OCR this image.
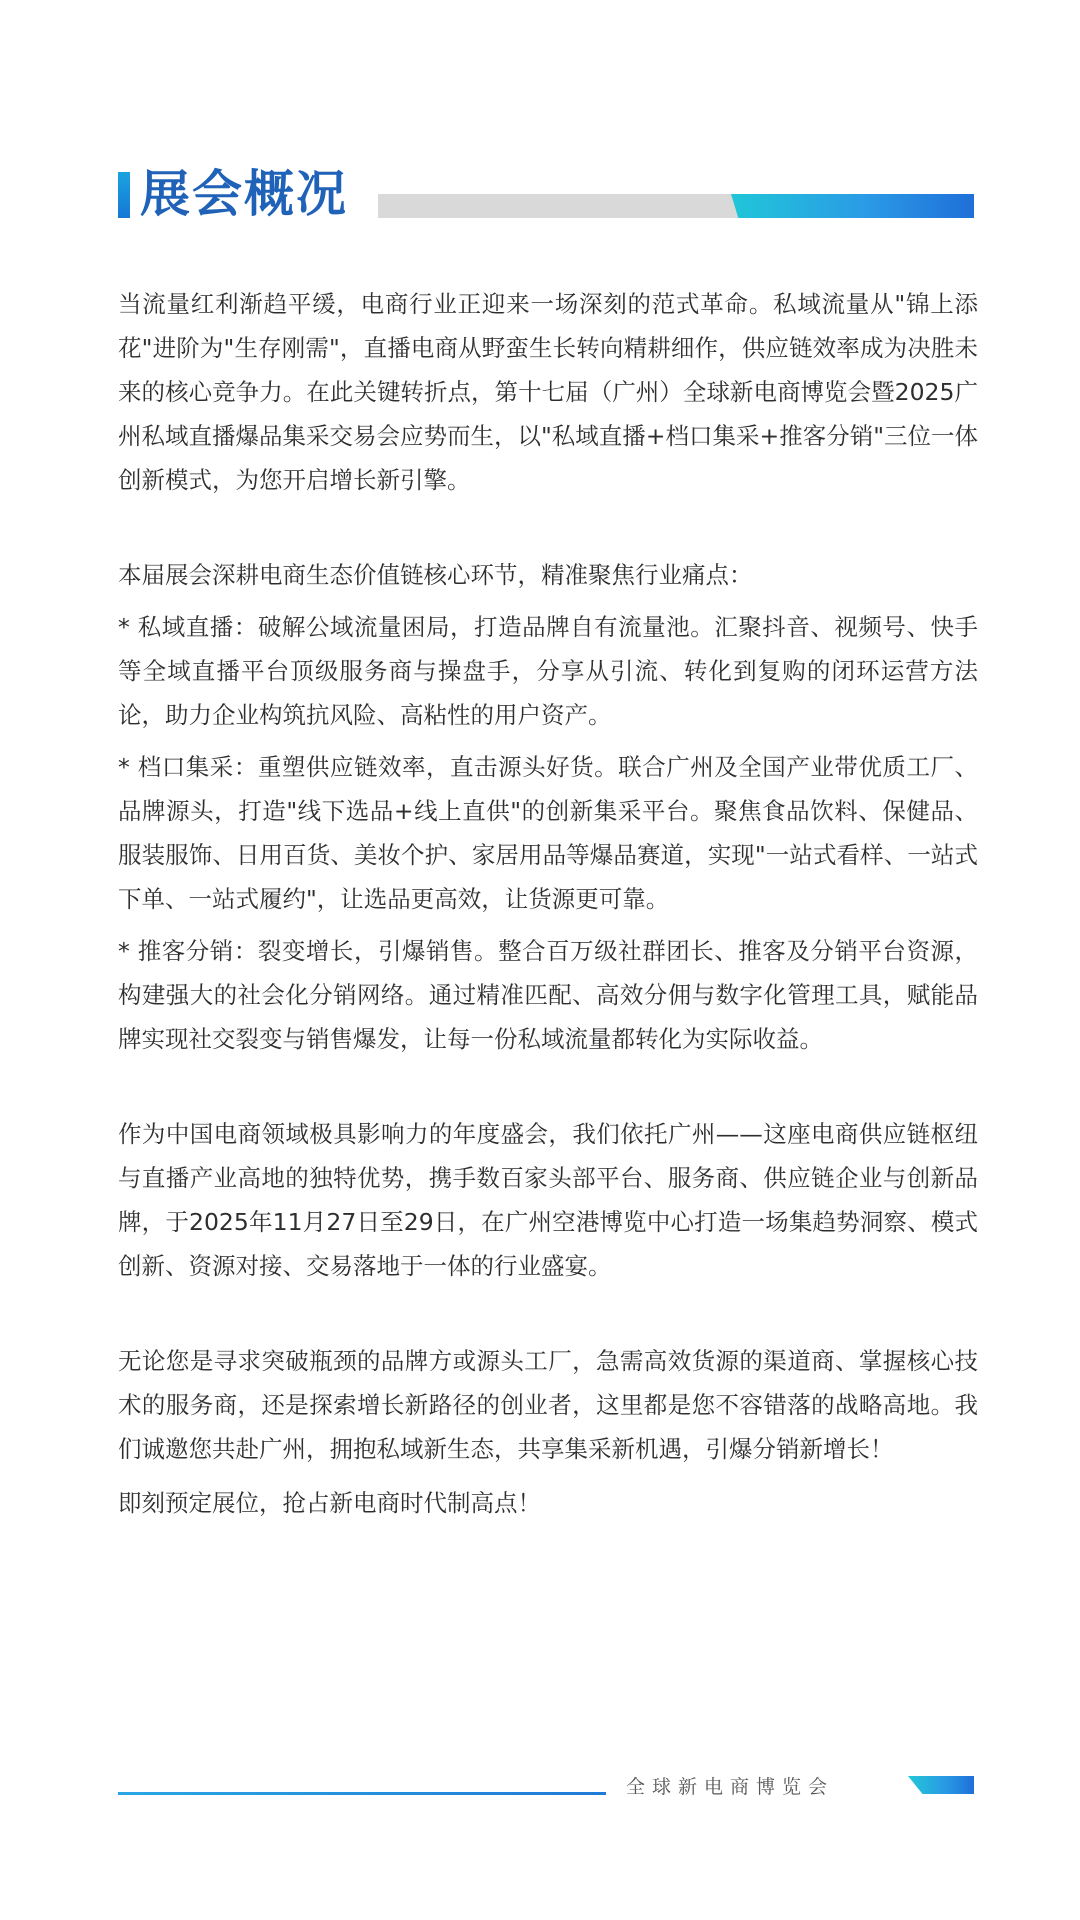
展会概况

当流量红利渐趋平缓，电商行业正迎来一场深刻的范式革命。私域流量从"锦上添花"进阶为"生存刚需"，直播电商从野蛮生长转向精耕细作，供应链效率成为决胜未来的核心竞争力。在此关键转折点，第十七届（广州）全球新电商博览会暨2025广州私域直播爆品集采交易会应势而生，以"私域直播+档口集采+推客分销"三位一体创新模式，为您开启增长新引擎。

本届展会深耕电商生态价值链核心环节，精准聚焦行业痛点：

* 私域直播：破解公域流量困局，打造品牌自有流量池。汇聚抖音、视频号、快手等全域直播平台顶级服务商与操盘手，分享从引流、转化到复购的闭环运营方法论，助力企业构筑抗风险、高粘性的用户资产。

* 档口集采：重塑供应链效率，直击源头好货。联合广州及全国产业带优质工厂、品牌源头，打造"线下选品+线上直供"的创新集采平台。聚焦食品饮料、保健品、服装服饰、日用百货、美妆个护、家居用品等爆品赛道，实现"一站式看样、一站式下单、一站式履约"，让选品更高效，让货源更可靠。

* 推客分销：裂变增长，引爆销售。整合百万级社群团长、推客及分销平台资源，构建强大的社会化分销网络。通过精准匹配、高效分佣与数字化管理工具，赋能品牌实现社交裂变与销售爆发，让每一份私域流量都转化为实际收益。

作为中国电商领域极具影响力的年度盛会，我们依托广州——这座电商供应链枢纽与直播产业高地的独特优势，携手数百家头部平台、服务商、供应链企业与创新品牌，于2025年11月27日至29日，在广州空港博览中心打造一场集趋势洞察、模式创新、资源对接、交易落地于一体的行业盛宴。

无论您是寻求突破瓶颈的品牌方或源头工厂，急需高效货源的渠道商、掌握核心技术的服务商，还是探索增长新路径的创业者，这里都是您不容错落的战略高地。我们诚邀您共赴广州，拥抱私域新生态，共享集采新机遇，引爆分销新增长！

即刻预定展位，抢占新电商时代制高点！

全球新电商博览会
